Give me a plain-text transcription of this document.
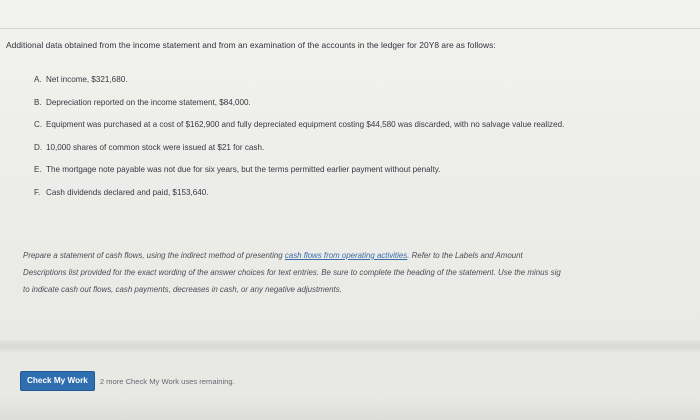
Additional data obtained from the income statement and from an examination of the accounts in the ledger for 20Y8 are as follows:
A. Net income, $321,680.
B. Depreciation reported on the income statement, $84,000.
C. Equipment was purchased at a cost of $162,900 and fully depreciated equipment costing $44,580 was discarded, with no salvage value realized.
D. 10,000 shares of common stock were issued at $21 for cash.
E. The mortgage note payable was not due for six years, but the terms permitted earlier payment without penalty.
F. Cash dividends declared and paid, $153,640.
Prepare a statement of cash flows, using the indirect method of presenting cash flows from operating activities. Refer to the Labels and Amount
Descriptions list provided for the exact wording of the answer choices for text entries. Be sure to complete the heading of the statement. Use the minus sig
to indicate cash out flows, cash payments, decreases in cash, or any negative adjustments.
Check My Work	2 more Check My Work uses remaining.
